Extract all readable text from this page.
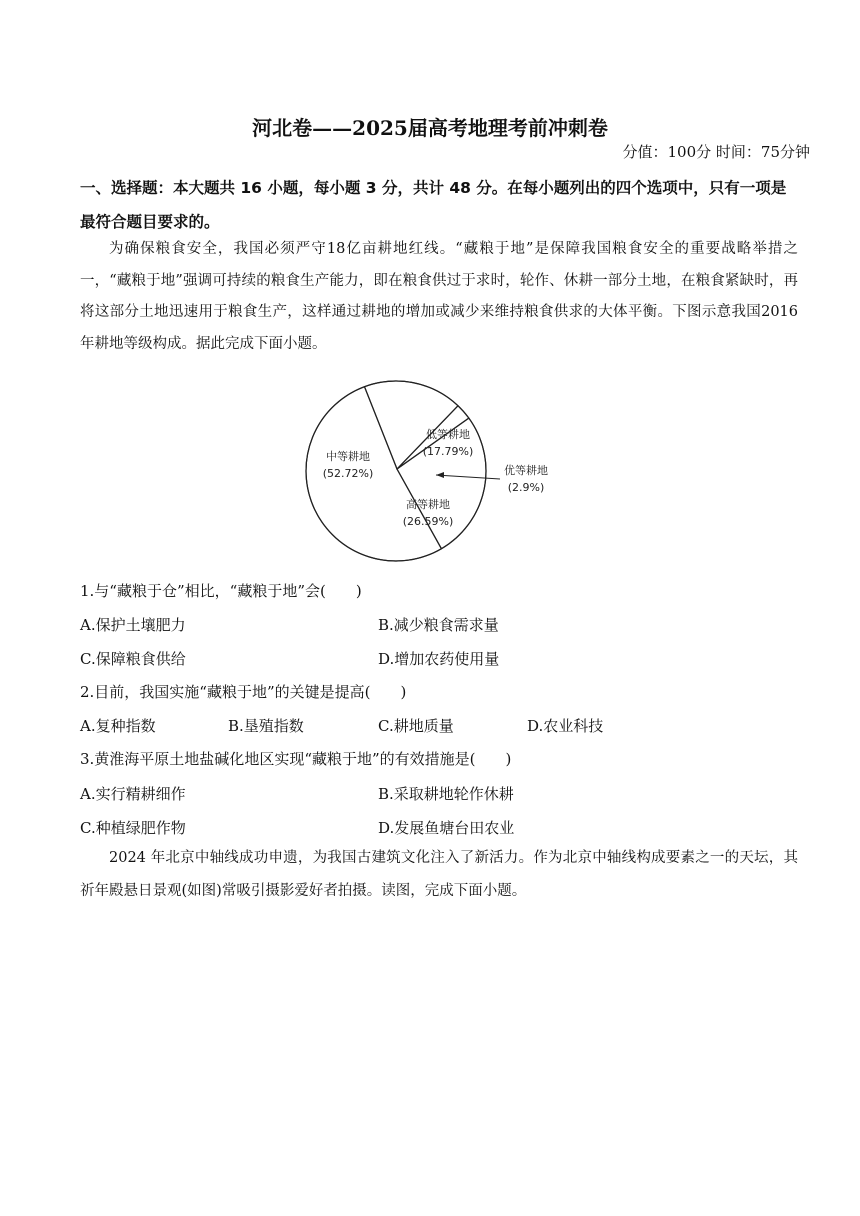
河北卷——2025届高考地理考前冲刺卷
分值：100分 时间：75分钟
一、选择题：本大题共 16 小题，每小题 3 分，共计 48 分。在每小题列出的四个选项中，只有一项是最符合题目要求的。
为确保粮食安全，我国必须严守18亿亩耕地红线。“藏粮于地”是保障我国粮食安全的重要战略举措之一，“藏粮于地”强调可持续的粮食生产能力，即在粮食供过于求时，轮作、休耕一部分土地，在粮食紧缺时，再将这部分土地迅速用于粮食生产，这样通过耕地的增加或减少来维持粮食供求的大体平衡。下图示意我国2016年耕地等级构成。据此完成下面小题。
中等耕地
(52.72%)
低等耕地
(17.79%)
优等耕地
(2.9%)
高等耕地
(26.59%)
1.与“藏粮于仓”相比，“藏粮于地”会(　　)
A.保护土壤肥力	B.减少粮食需求量
C.保障粮食供给	D.增加农药使用量
2.目前，我国实施“藏粮于地”的关键是提高(　　)
A.复种指数	B.垦殖指数	C.耕地质量	D.农业科技
3.黄淮海平原土地盐碱化地区实现“藏粮于地”的有效措施是(　　)
A.实行精耕细作	B.采取耕地轮作休耕
C.种植绿肥作物	D.发展鱼塘台田农业
2024 年北京中轴线成功申遗，为我国古建筑文化注入了新活力。作为北京中轴线构成要素之一的天坛，其祈年殿悬日景观(如图)常吸引摄影爱好者拍摄。读图，完成下面小题。
